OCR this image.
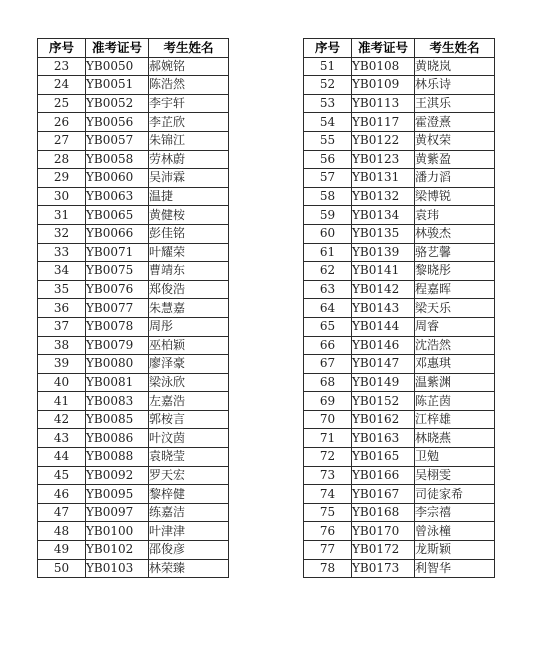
序号	准考证号	考生姓名
23	YB0050	郝婉铭
24	YB0051	陈浩然
25	YB0052	李宇轩
26	YB0056	李芷欣
27	YB0057	朱锦江
28	YB0058	劳林蔚
29	YB0060	吴沛霖
30	YB0063	温捷
31	YB0065	黄健桉
32	YB0066	彭佳铭
33	YB0071	叶耀荣
34	YB0075	曹靖东
35	YB0076	郑俊浩
36	YB0077	朱慧嘉
37	YB0078	周彤
38	YB0079	巫柏颖
39	YB0080	廖泽豪
40	YB0081	梁泳欣
41	YB0083	左嘉浩
42	YB0085	郭桉言
43	YB0086	叶汶茵
44	YB0088	袁晓莹
45	YB0092	罗天宏
46	YB0095	黎梓健
47	YB0097	练嘉洁
48	YB0100	叶津津
49	YB0102	邵俊彦
50	YB0103	林荣臻
序号	准考证号	考生姓名
51	YB0108	黄晓岚
52	YB0109	林乐诗
53	YB0113	王淇乐
54	YB0117	霍澄熹
55	YB0122	黄权荣
56	YB0123	黄紫盈
57	YB0131	潘力滔
58	YB0132	梁博锐
59	YB0134	袁玮
60	YB0135	林骏杰
61	YB0139	骆艺馨
62	YB0141	黎晓彤
63	YB0142	程嘉晖
64	YB0143	梁天乐
65	YB0144	周睿
66	YB0146	沈浩然
67	YB0147	邓惠琪
68	YB0149	温紫渊
69	YB0152	陈芷茵
70	YB0162	江梓雄
71	YB0163	林晓燕
72	YB0165	卫勉
73	YB0166	吴栩雯
74	YB0167	司徒家希
75	YB0168	李宗禧
76	YB0170	曾泳橦
77	YB0172	龙斯颖
78	YB0173	利智华
